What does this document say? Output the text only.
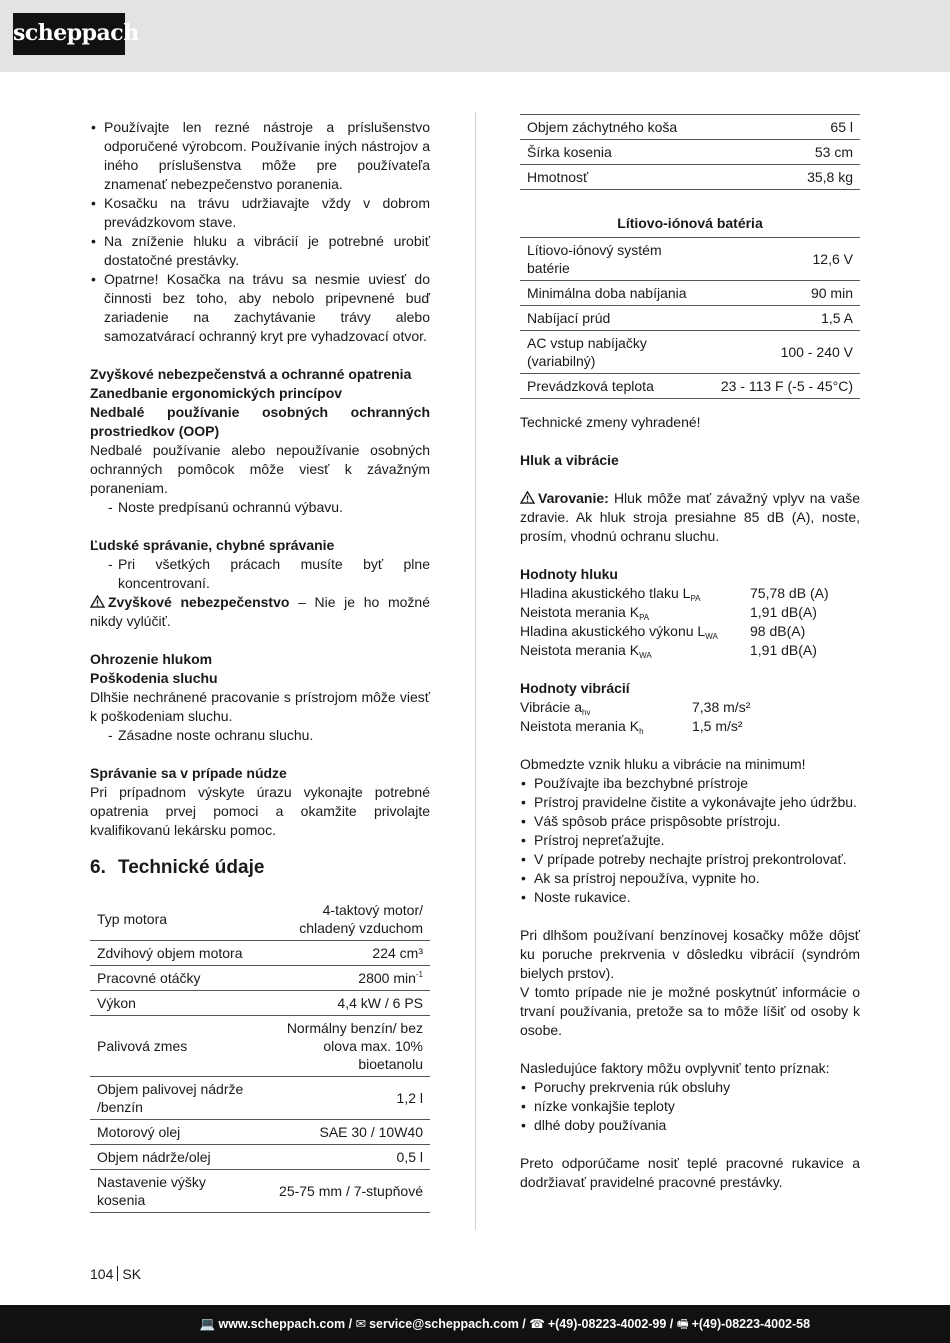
scheppach
• Používajte len rezné nástroje a príslušenstvo odporučené výrobcom. Používanie iných nástrojov a iného príslušenstva môže pre používateľa znamenať nebezpečenstvo poranenia.
• Kosačku na trávu udržiavajte vždy v dobrom prevádzkovom stave.
• Na zníženie hluku a vibrácií je potrebné urobiť dostatočné prestávky.
• Opatrne! Kosačka na trávu sa nesmie uviesť do činnosti bez toho, aby nebolo pripevnené buď zariadenie na zachytávanie trávy alebo samozatvárací ochranný kryt pre vyhadzovací otvor.
Zvyškové nebezpečenstvá a ochranné opatrenia
Zanedbanie ergonomických princípov
Nedbalé používanie osobných ochranných prostriedkov (OOP)
Nedbalé používanie alebo nepoužívanie osobných ochranných pomôcok môže viesť k závažným poraneniam.
- Noste predpísanú ochrannú výbavu.
Ľudské správanie, chybné správanie
- Pri všetkých prácach musíte byť plne koncentrovaní.
Zvyškové nebezpečenstvo – Nie je ho možné nikdy vylúčiť.
Ohrozenie hlukom
Poškodenia sluchu
Dlhšie nechránené pracovanie s prístrojom môže viesť k poškodeniam sluchu.
- Zásadne noste ochranu sluchu.
Správanie sa v prípade núdze
Pri prípadnom výskyte úrazu vykonajte potrebné opatrenia prvej pomoci a okamžite privolajte kvalifikovanú lekársku pomoc.
6. Technické údaje
Typ motora	4-taktový motor/ chladený vzduchom
Zdvihový objem motora	224 cm³
Pracovné otáčky	2800 $\min^{-1}$
Výkon	4,4 kW / 6 PS
Palivová zmes	Normálny benzín/ bez olova max. 10% bioetanolu
Objem palivovej nádrže /benzín	1,2 l
Motorový olej	SAE 30 / 10W40
Objem nádrže/olej	0,5 l
Nastavenie výšky kosenia	25-75 mm / 7-stupňové
Objem záchytného koša	65 l
Šírka kosenia	53 cm
Hmotnosť	35,8 kg
Lítiovo-iónová batéria
Lítiovo-iónový systém batérie	12,6 V
Minimálna doba nabíjania	90 min
Nabíjací prúd	1,5 A
AC vstup nabíjačky (variabilný)	100 - 240 V
Prevádzková teplota	23 - 113 F (-5 - 45°C)
Technické zmeny vyhradené!
Hluk a vibrácie
Varovanie: Hluk môže mať závažný vplyv na vaše zdravie. Ak hluk stroja presiahne 85 dB (A), noste, prosím, vhodnú ochranu sluchu.
Hodnoty hluku
Hladina akustického tlaku $L_{PA}$	75,78 dB (A)
Neistota merania $K_{PA}$	1,91 dB(A)
Hladina akustického výkonu $L_{WA}$	98 dB(A)
Neistota merania $K_{WA}$	1,91 dB(A)
Hodnoty vibrácií
Vibrácie $a_{hv}$	7,38 m/s²
Neistota merania $K_h$	1,5 m/s²
Obmedzte vznik hluku a vibrácie na minimum!
• Používajte iba bezchybné prístroje
• Prístroj pravidelne čistite a vykonávajte jeho údržbu.
• Váš spôsob práce prispôsobte prístroju.
• Prístroj nepreťažujte.
• V prípade potreby nechajte prístroj prekontrolovať.
• Ak sa prístroj nepoužíva, vypnite ho.
• Noste rukavice.
Pri dlhšom používaní benzínovej kosačky môže dôjsť ku poruche prekrvenia v dôsledku vibrácií (syndróm bielych prstov).
V tomto prípade nie je možné poskytnúť informácie o trvaní používania, pretože sa to môže líšiť od osoby k osobe.
Nasledujúce faktory môžu ovplyvniť tento príznak:
• Poruchy prekrvenia rúk obsluhy
• nízke vonkajšie teploty
• dlhé doby používania
Preto odporúčame nosiť teplé pracovné rukavice a dodržiavať pravidelné pracovné prestávky.
104 SK
💻 www.scheppach.com / ✉ service@scheppach.com / ☎ +(49)-08223-4002-99 / 🖷 +(49)-08223-4002-58
